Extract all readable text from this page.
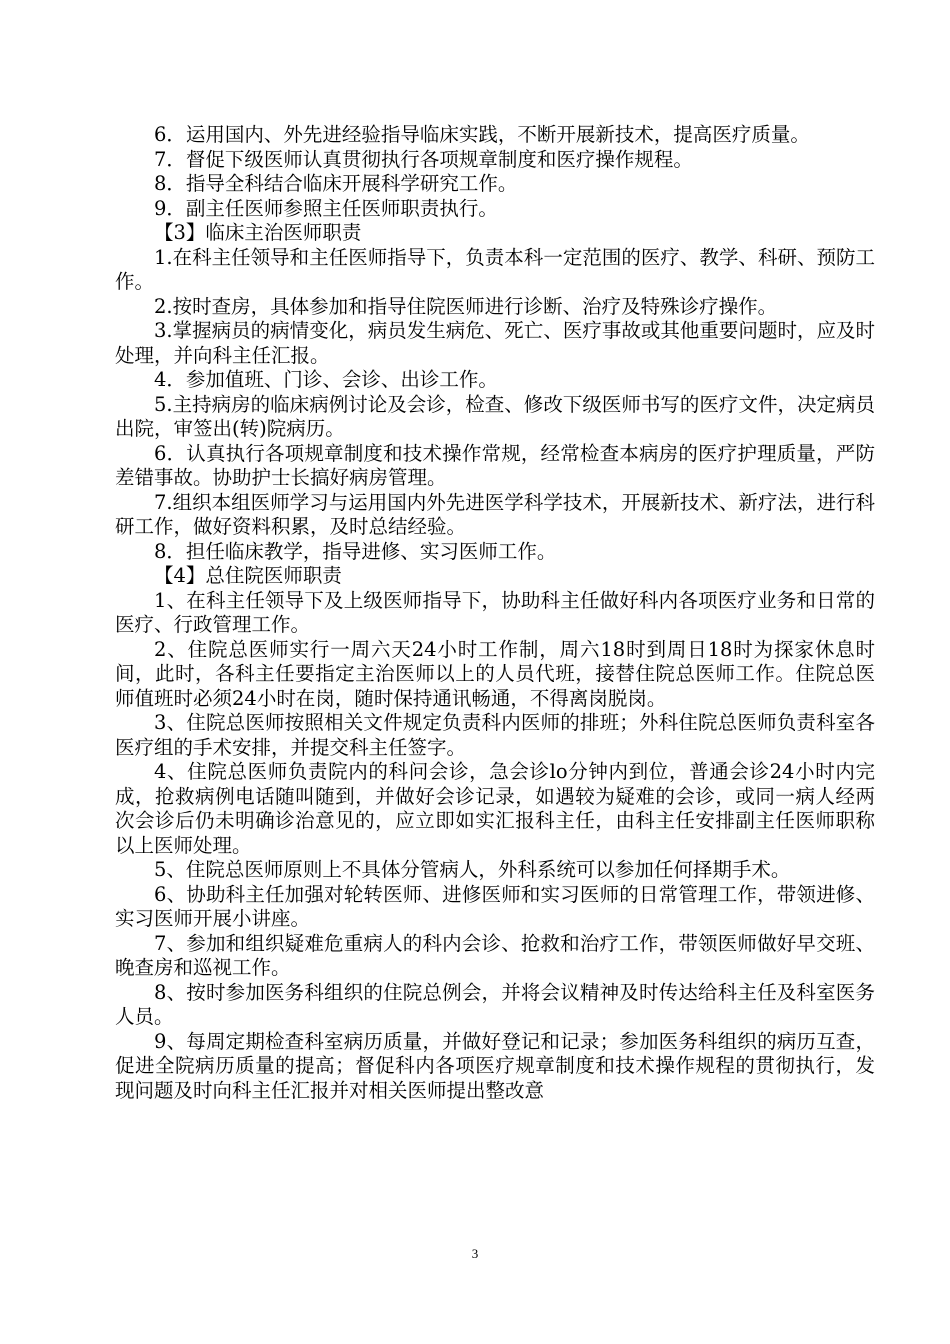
6．运用国内、外先进经验指导临床实践，不断开展新技术，提高医疗质量。

7．督促下级医师认真贯彻执行各项规章制度和医疗操作规程。

8．指导全科结合临床开展科学研究工作。

9．副主任医师参照主任医师职责执行。

【3】临床主治医师职责

1.在科主任领导和主任医师指导下，负责本科一定范围的医疗、教学、科研、预防工作。

2.按时查房，具体参加和指导住院医师进行诊断、治疗及特殊诊疗操作。

3.掌握病员的病情变化，病员发生病危、死亡、医疗事故或其他重要问题时，应及时处理，并向科主任汇报。

4．参加值班、门诊、会诊、出诊工作。

5.主持病房的临床病例讨论及会诊，检查、修改下级医师书写的医疗文件，决定病员出院，审签出(转)院病历。

6．认真执行各项规章制度和技术操作常规，经常检查本病房的医疗护理质量，严防差错事故。协助护士长搞好病房管理。

7.组织本组医师学习与运用国内外先进医学科学技术，开展新技术、新疗法，进行科研工作，做好资料积累，及时总结经验。

8．担任临床教学，指导进修、实习医师工作。

【4】总住院医师职责

1、在科主任领导下及上级医师指导下，协助科主任做好科内各项医疗业务和日常的医疗、行政管理工作。

2、住院总医师实行一周六天24小时工作制，周六18时到周日18时为探家休息时间，此时，各科主任要指定主治医师以上的人员代班，接替住院总医师工作。住院总医师值班时必须24小时在岗，随时保持通讯畅通，不得离岗脱岗。

3、住院总医师按照相关文件规定负责科内医师的排班；外科住院总医师负责科室各医疗组的手术安排，并提交科主任签字。

4、住院总医师负责院内的科问会诊，急会诊lo分钟内到位，普通会诊24小时内完成，抢救病例电话随叫随到，并做好会诊记录，如遇较为疑难的会诊，或同一病人经两次会诊后仍未明确诊治意见的，应立即如实汇报科主任，由科主任安排副主任医师职称以上医师处理。

5、住院总医师原则上不具体分管病人，外科系统可以参加任何择期手术。

6、协助科主任加强对轮转医师、进修医师和实习医师的日常管理工作，带领进修、实习医师开展小讲座。

7、参加和组织疑难危重病人的科内会诊、抢救和治疗工作，带领医师做好早交班、晚查房和巡视工作。

8、按时参加医务科组织的住院总例会，并将会议精神及时传达给科主任及科室医务人员。

9、每周定期检查科室病历质量，并做好登记和记录；参加医务科组织的病历互查，促进全院病历质量的提高；督促科内各项医疗规章制度和技术操作规程的贯彻执行，发现问题及时向科主任汇报并对相关医师提出整改意

3
